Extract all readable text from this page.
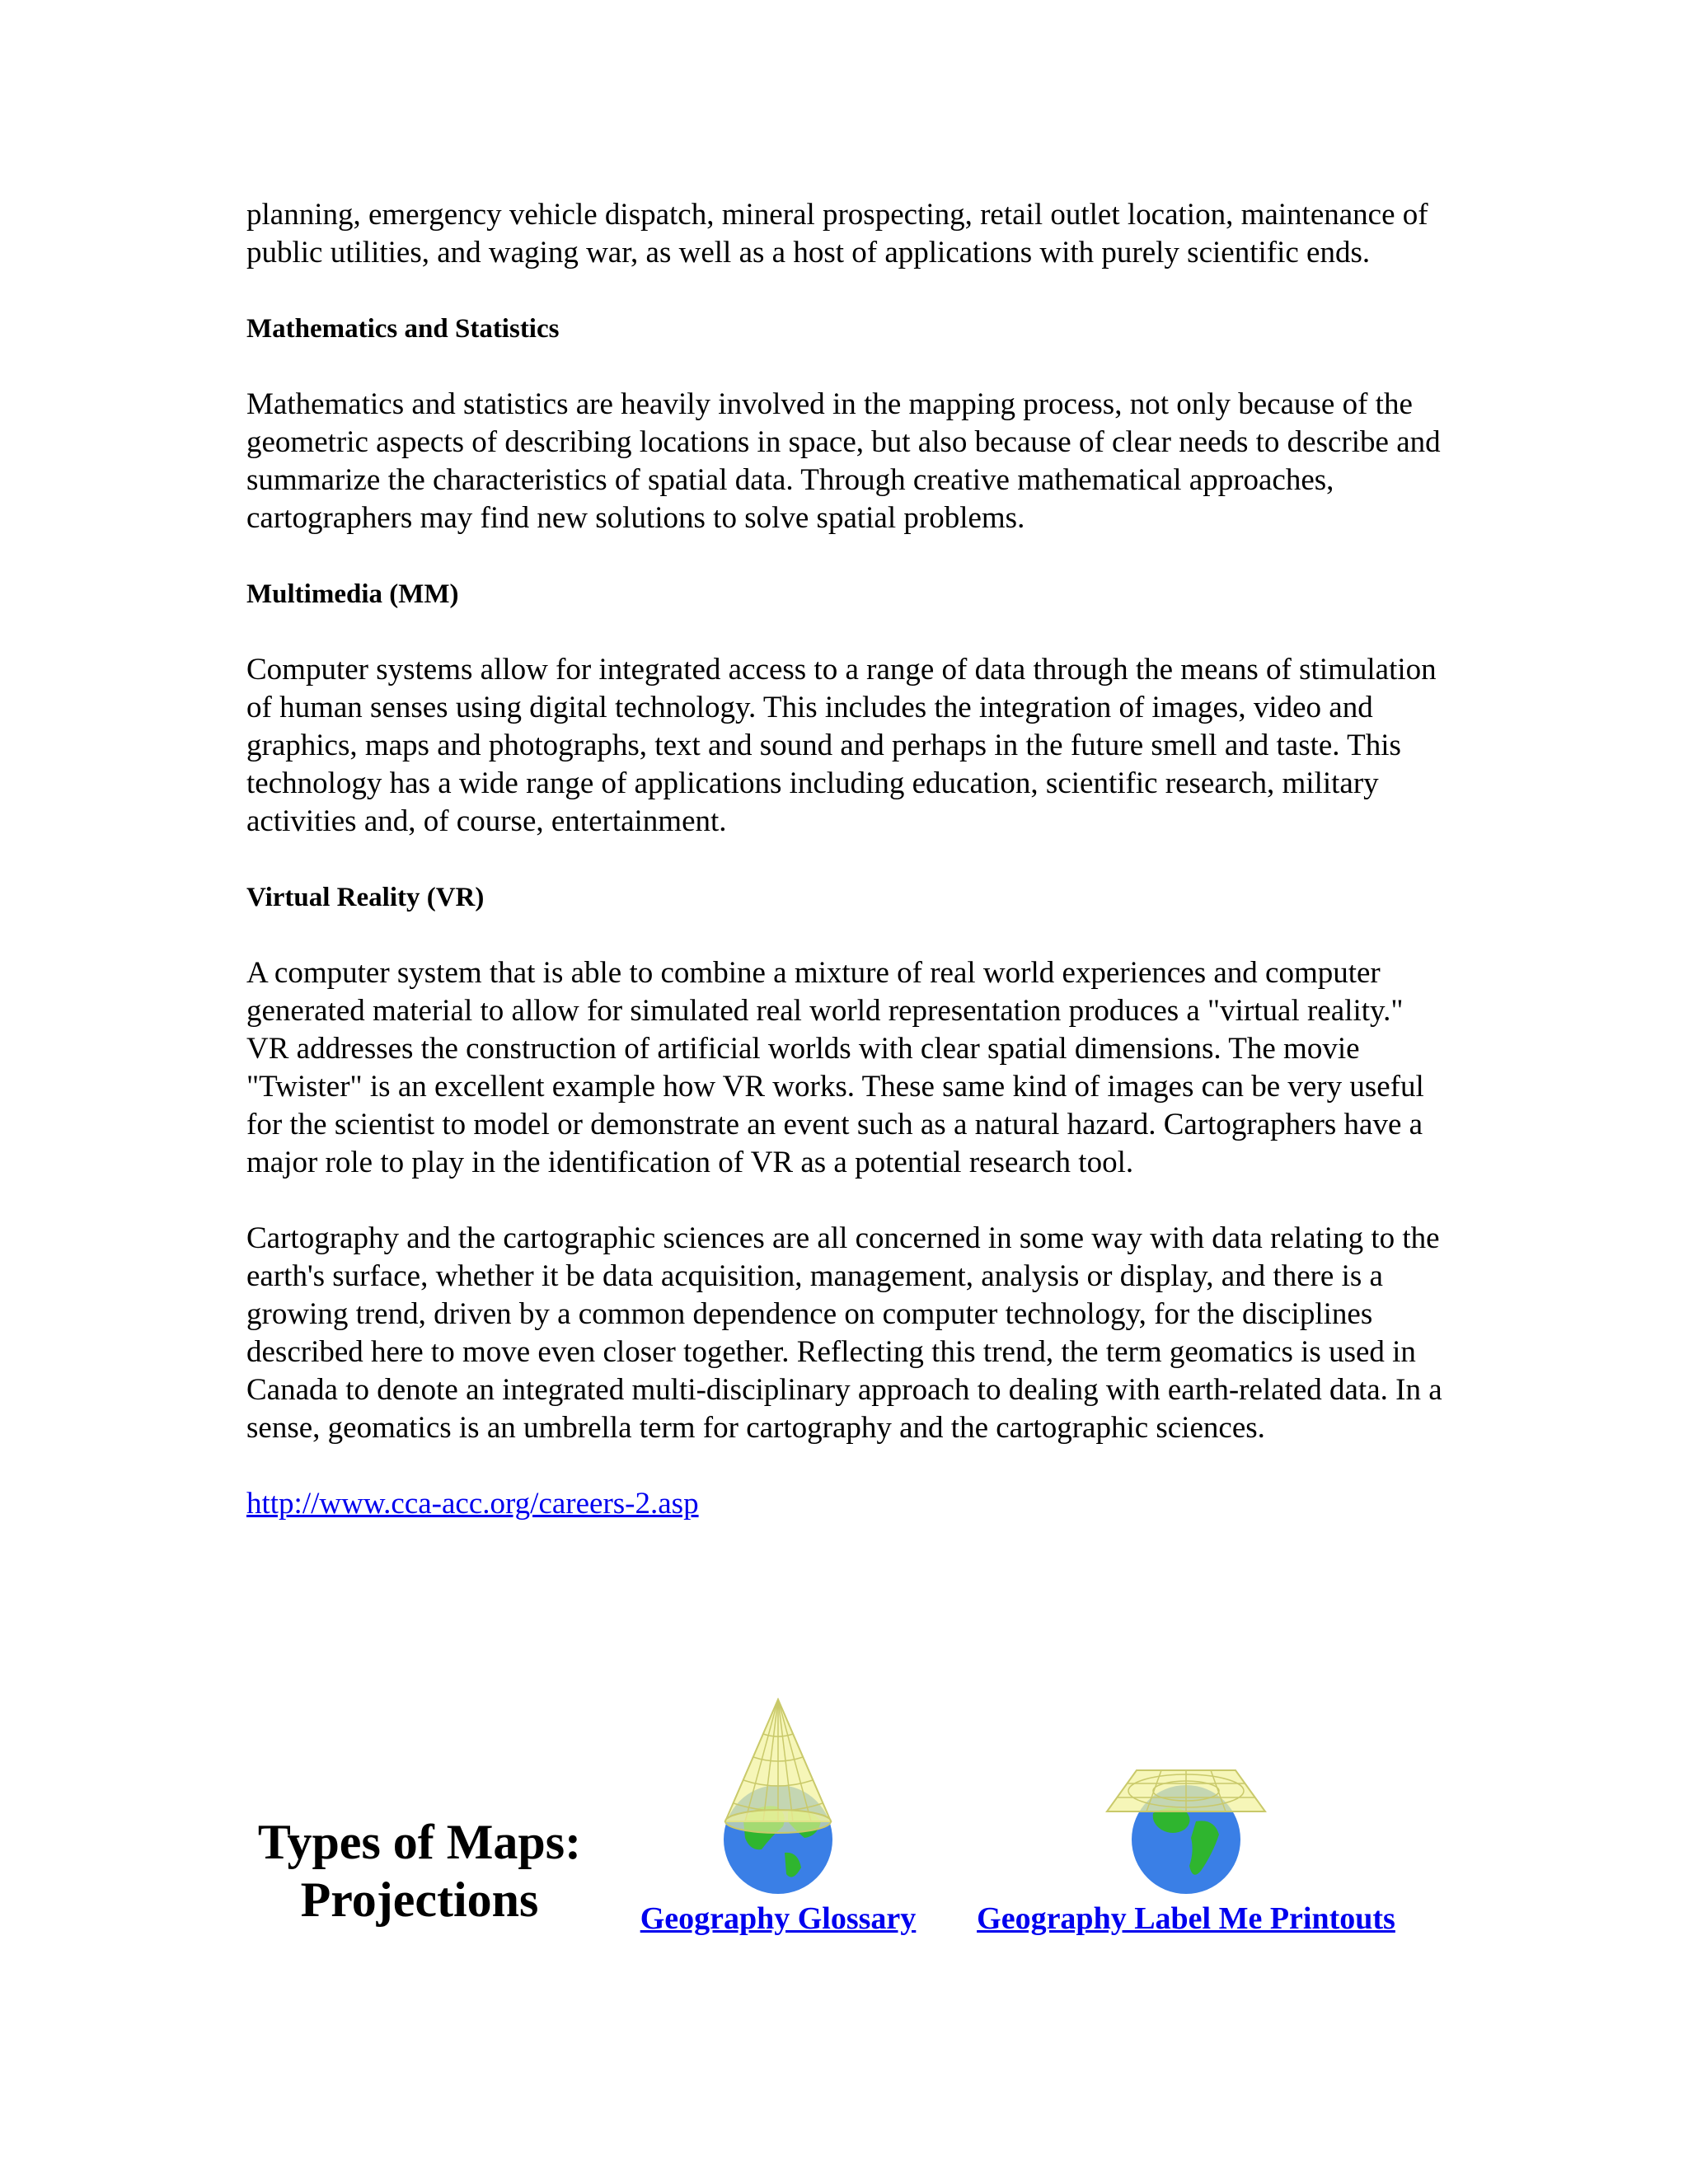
planning, emergency vehicle dispatch, mineral prospecting, retail outlet location, maintenance of public utilities, and waging war, as well as a host of applications with purely scientific ends.

Mathematics and Statistics

Mathematics and statistics are heavily involved in the mapping process, not only because of the geometric aspects of describing locations in space, but also because of clear needs to describe and summarize the characteristics of spatial data. Through creative mathematical approaches, cartographers may find new solutions to solve spatial problems.

Multimedia (MM)

Computer systems allow for integrated access to a range of data through the means of stimulation of human senses using digital technology. This includes the integration of images, video and graphics, maps and photographs, text and sound and perhaps in the future smell and taste. This technology has a wide range of applications including education, scientific research, military activities and, of course, entertainment.

Virtual Reality (VR)

A computer system that is able to combine a mixture of real world experiences and computer generated material to allow for simulated real world representation produces a "virtual reality." VR addresses the construction of artificial worlds with clear spatial dimensions. The movie "Twister" is an excellent example how VR works. These same kind of images can be very useful for the scientist to model or demonstrate an event such as a natural hazard. Cartographers have a major role to play in the identification of VR as a potential research tool.

Cartography and the cartographic sciences are all concerned in some way with data relating to the earth's surface, whether it be data acquisition, management, analysis or display, and there is a growing trend, driven by a common dependence on computer technology, for the disciplines described here to move even closer together. Reflecting this trend, the term geomatics is used in Canada to denote an integrated multi-disciplinary approach to dealing with earth-related data. In a sense, geomatics is an umbrella term for cartography and the cartographic sciences.

http://www.cca-acc.org/careers-2.asp

Types of Maps:
Projections	Geography Glossary	Geography Label Me Printouts
